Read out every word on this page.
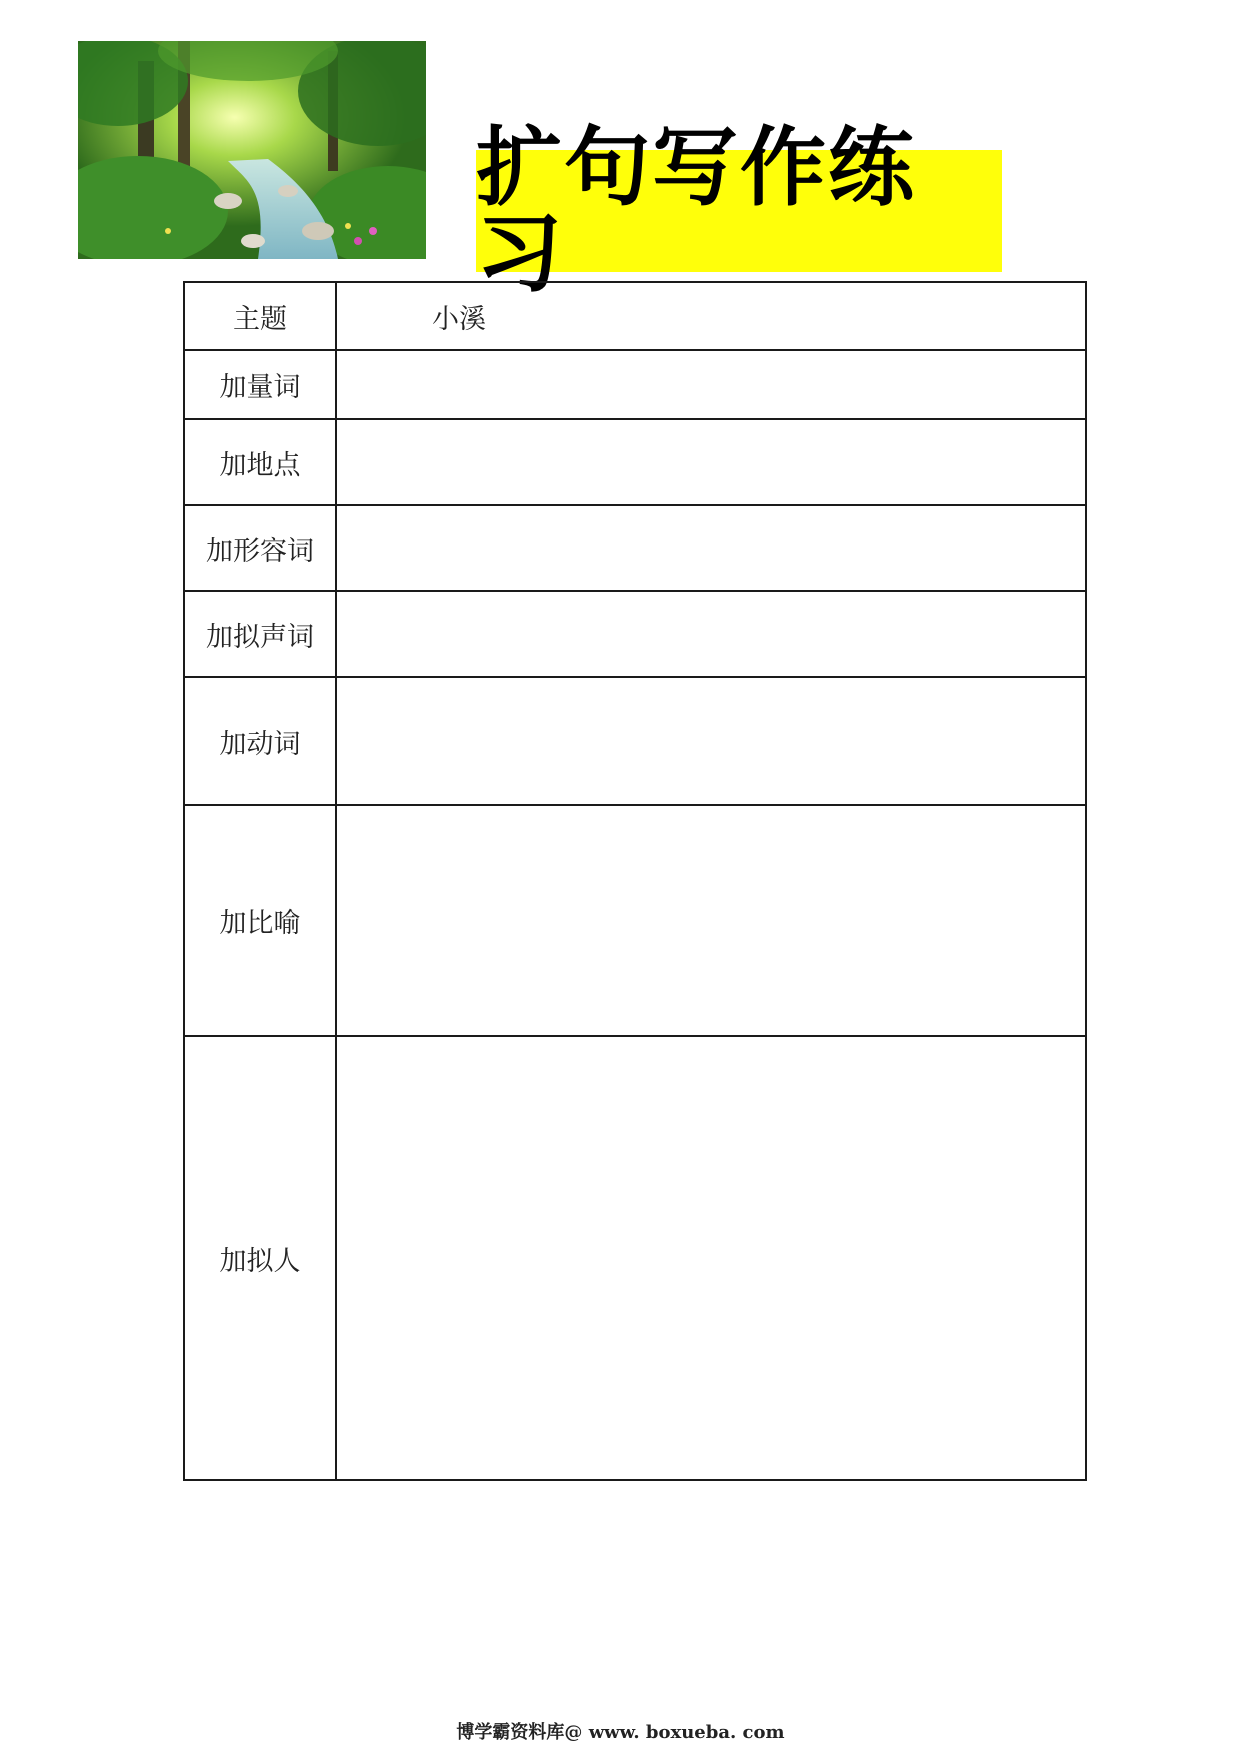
扩句写作练习
主题	小溪
加量词	
加地点	
加形容词	
加拟声词	
加动词	
加比喻	
加拟人	
博学霸资料库@ www. boxueba. com
